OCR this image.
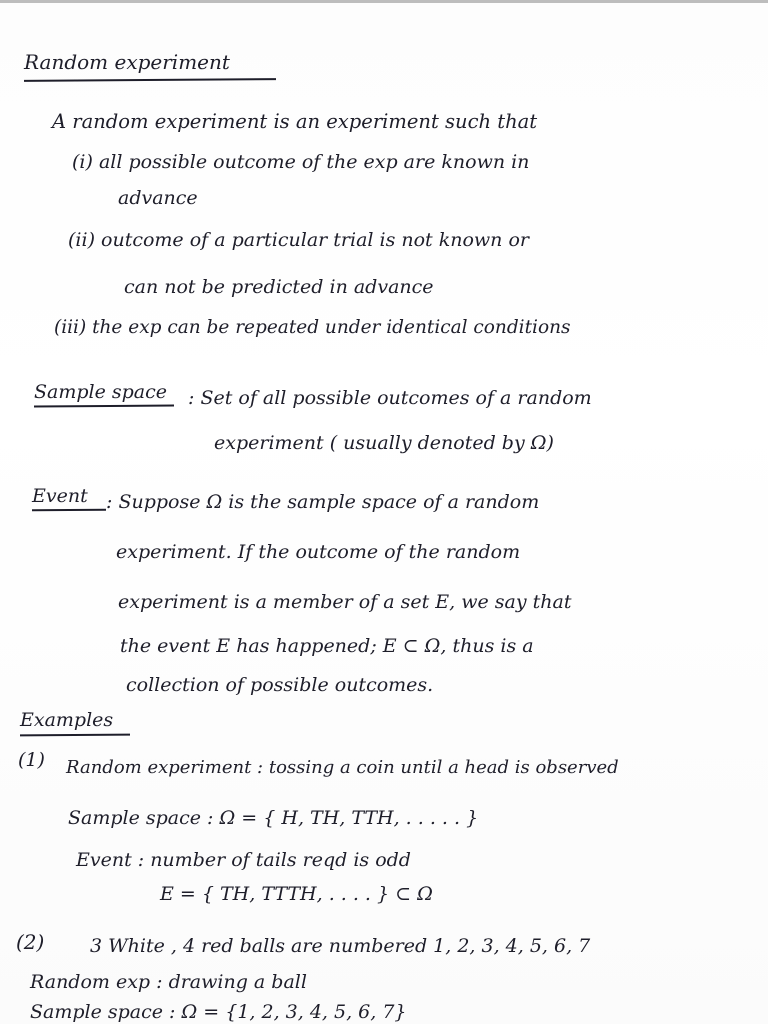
Random experiment
A random experiment is an experiment such that
(i) all possible outcome of the exp are known in
advance
(ii) outcome of a particular trial is not known or
can not be predicted in advance
(iii) the exp can be repeated under identical conditions
Sample space : Set of all possible outcomes of a random
experiment ( usually denoted by Ω)
Event : Suppose Ω is the sample space of a random
experiment. If the outcome of the random
experiment is a member of a set E, we say that
the event E has happened; E ⊂ Ω, thus is a
collection of possible outcomes.
Examples
(1) Random experiment : tossing a coin until a head is observed
Sample space : Ω = { H, TH, TTH, . . . . . }
Event : number of tails reqd is odd
E = { TH, TTTH, . . . . } ⊂ Ω
(2) 3 White , 4 red balls are numbered 1, 2, 3, 4, 5, 6, 7
Random exp : drawing a ball
Sample space : Ω = {1, 2, 3, 4, 5, 6, 7}
